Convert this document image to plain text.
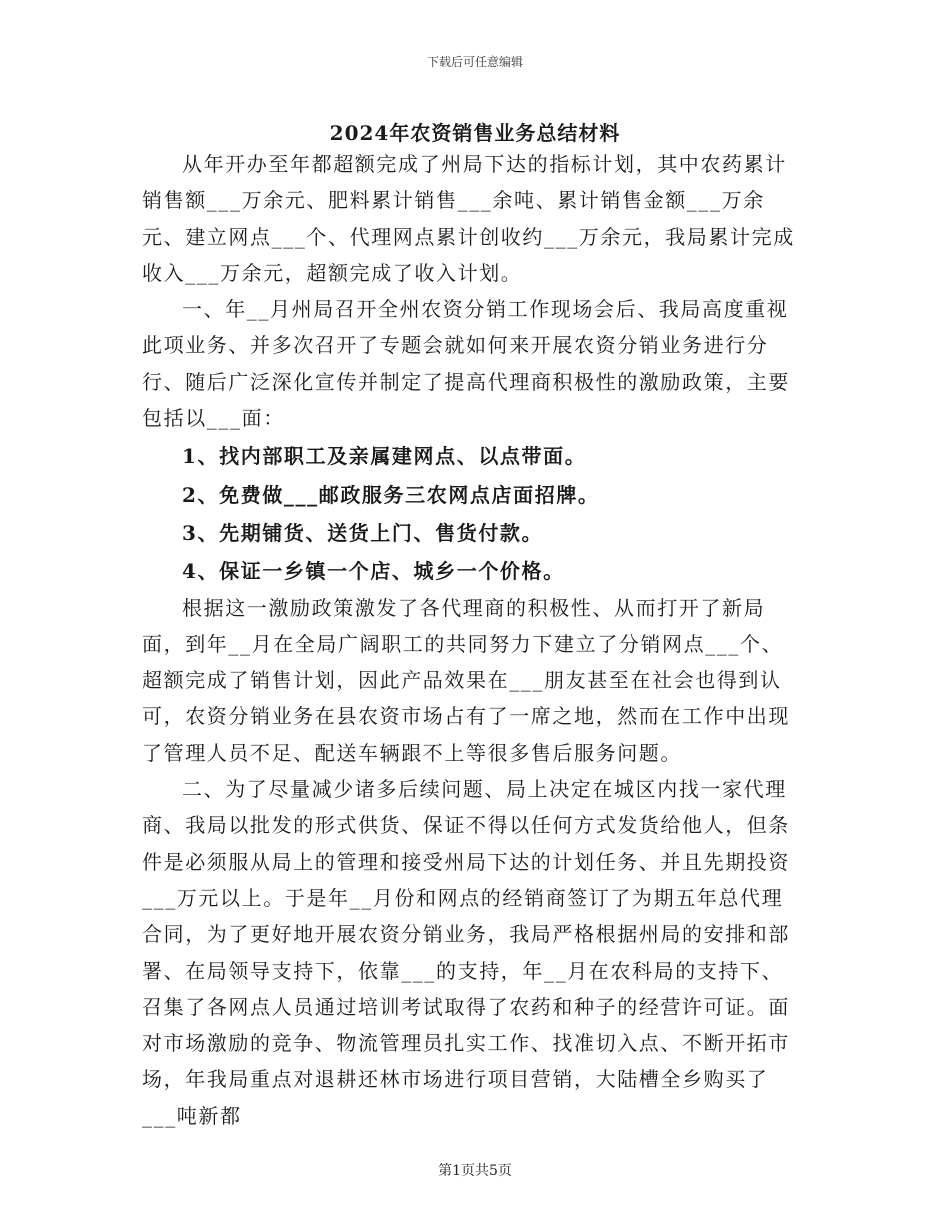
下载后可任意编辑
2024年农资销售业务总结材料

从年开办至年都超额完成了州局下达的指标计划，其中农药累计销售额___万余元、肥料累计销售___余吨、累计销售金额___万余元、建立网点___个、代理网点累计创收约___万余元，我局累计完成收入___万余元，超额完成了收入计划。

一、年__月州局召开全州农资分销工作现场会后、我局高度重视此项业务、并多次召开了专题会就如何来开展农资分销业务进行分行、随后广泛深化宣传并制定了提高代理商积极性的激励政策，主要包括以___面：

1、找内部职工及亲属建网点、以点带面。

2、免费做___邮政服务三农网点店面招牌。

3、先期铺货、送货上门、售货付款。

4、保证一乡镇一个店、城乡一个价格。

根据这一激励政策激发了各代理商的积极性、从而打开了新局面，到年__月在全局广阔职工的共同努力下建立了分销网点___个、超额完成了销售计划，因此产品效果在___朋友甚至在社会也得到认可，农资分销业务在县农资市场占有了一席之地，然而在工作中出现了管理人员不足、配送车辆跟不上等很多售后服务问题。

二、为了尽量减少诸多后续问题、局上决定在城区内找一家代理商、我局以批发的形式供货、保证不得以任何方式发货给他人，但条件是必须服从局上的管理和接受州局下达的计划任务、并且先期投资___万元以上。于是年__月份和网点的经销商签订了为期五年总代理合同，为了更好地开展农资分销业务，我局严格根据州局的安排和部署、在局领导支持下，依靠___的支持，年__月在农科局的支持下、召集了各网点人员通过培训考试取得了农药和种子的经营许可证。面对市场激励的竞争、物流管理员扎实工作、找准切入点、不断开拓市场，年我局重点对退耕还林市场进行项目营销，大陆槽全乡购买了___吨新都

第1页共5页
